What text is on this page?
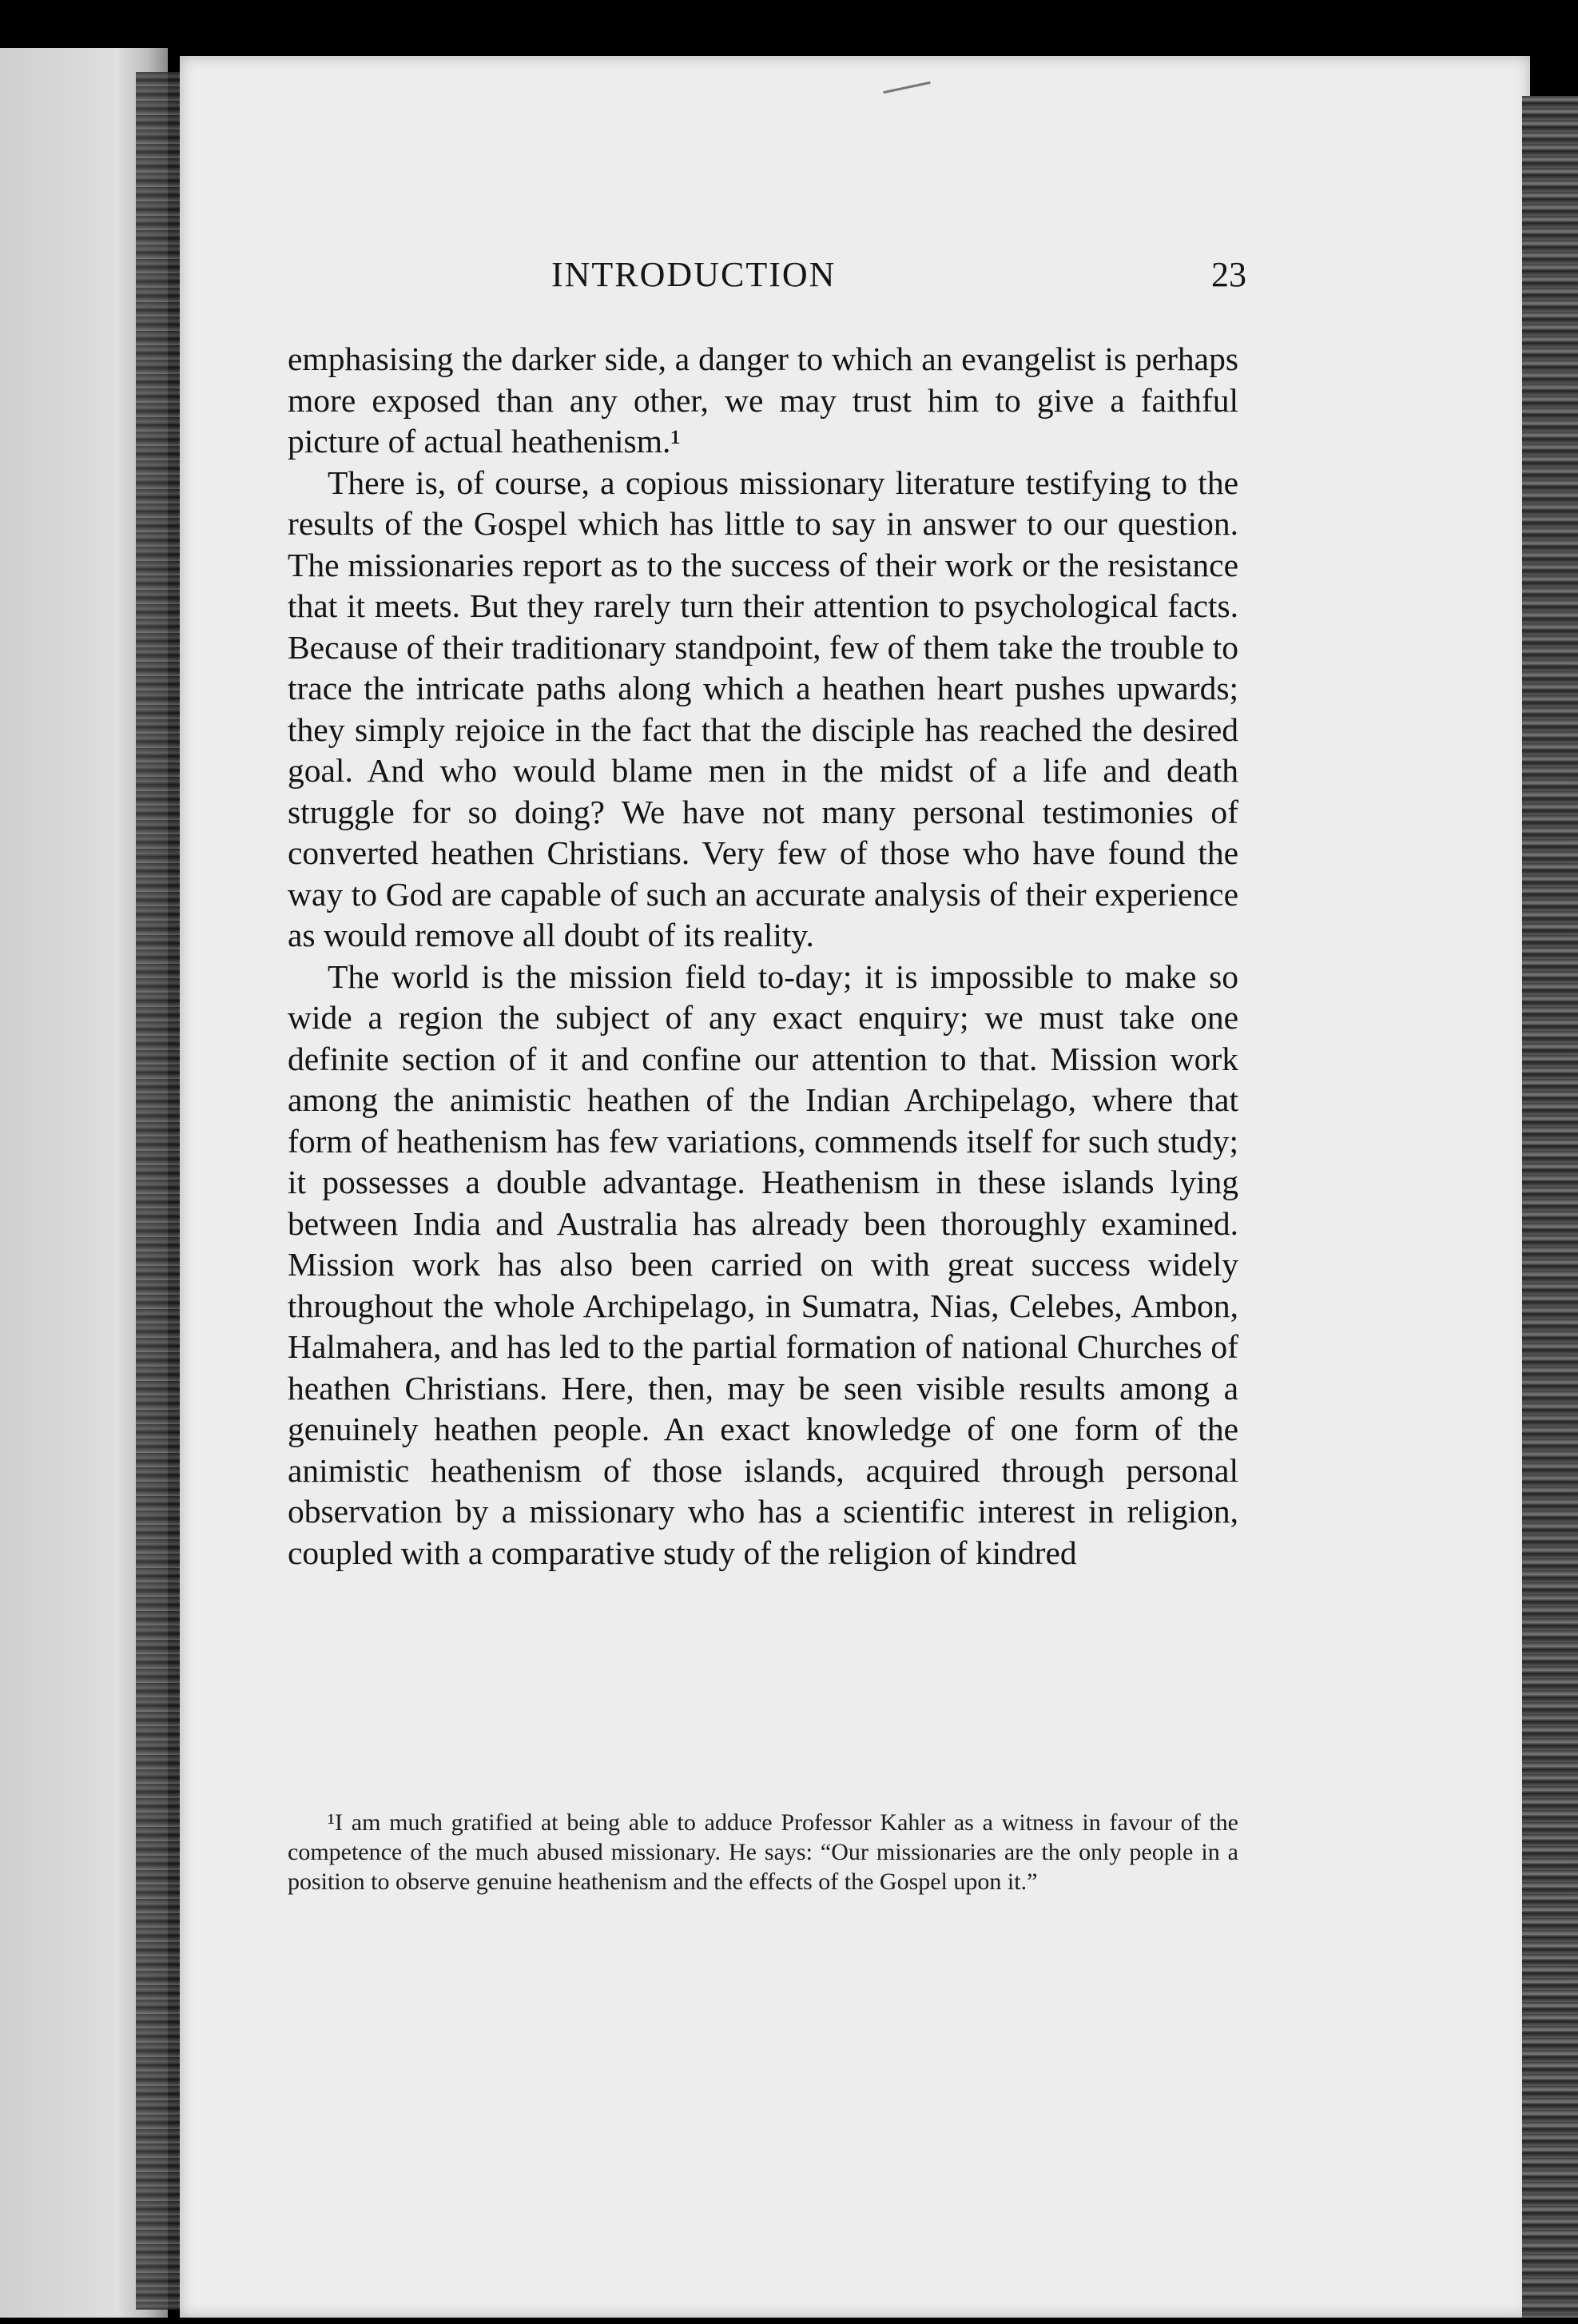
INTRODUCTION	23

emphasising the darker side, a danger to which an evangelist is perhaps more exposed than any other, we may trust him to give a faithful picture of actual heathenism.¹

There is, of course, a copious missionary literature testifying to the results of the Gospel which has little to say in answer to our question. The missionaries report as to the success of their work or the resistance that it meets. But they rarely turn their attention to psychological facts. Because of their traditionary standpoint, few of them take the trouble to trace the intricate paths along which a heathen heart pushes upwards; they simply rejoice in the fact that the disciple has reached the desired goal. And who would blame men in the midst of a life and death struggle for so doing? We have not many personal testimonies of converted heathen Christians. Very few of those who have found the way to God are capable of such an accurate analysis of their experience as would remove all doubt of its reality.

The world is the mission field to-day; it is impossible to make so wide a region the subject of any exact enquiry; we must take one definite section of it and confine our attention to that. Mission work among the animistic heathen of the Indian Archipelago, where that form of heathenism has few variations, commends itself for such study; it possesses a double advantage. Heathenism in these islands lying between India and Australia has already been thoroughly examined. Mission work has also been carried on with great success widely throughout the whole Archipelago, in Sumatra, Nias, Celebes, Ambon, Halmahera, and has led to the partial formation of national Churches of heathen Christians. Here, then, may be seen visible results among a genuinely heathen people. An exact knowledge of one form of the animistic heathenism of those islands, acquired through personal observation by a missionary who has a scientific interest in religion, coupled with a comparative study of the religion of kindred

¹I am much gratified at being able to adduce Professor Kahler as a witness in favour of the competence of the much abused missionary. He says: “Our missionaries are the only people in a position to observe genuine heathenism and the effects of the Gospel upon it.”
